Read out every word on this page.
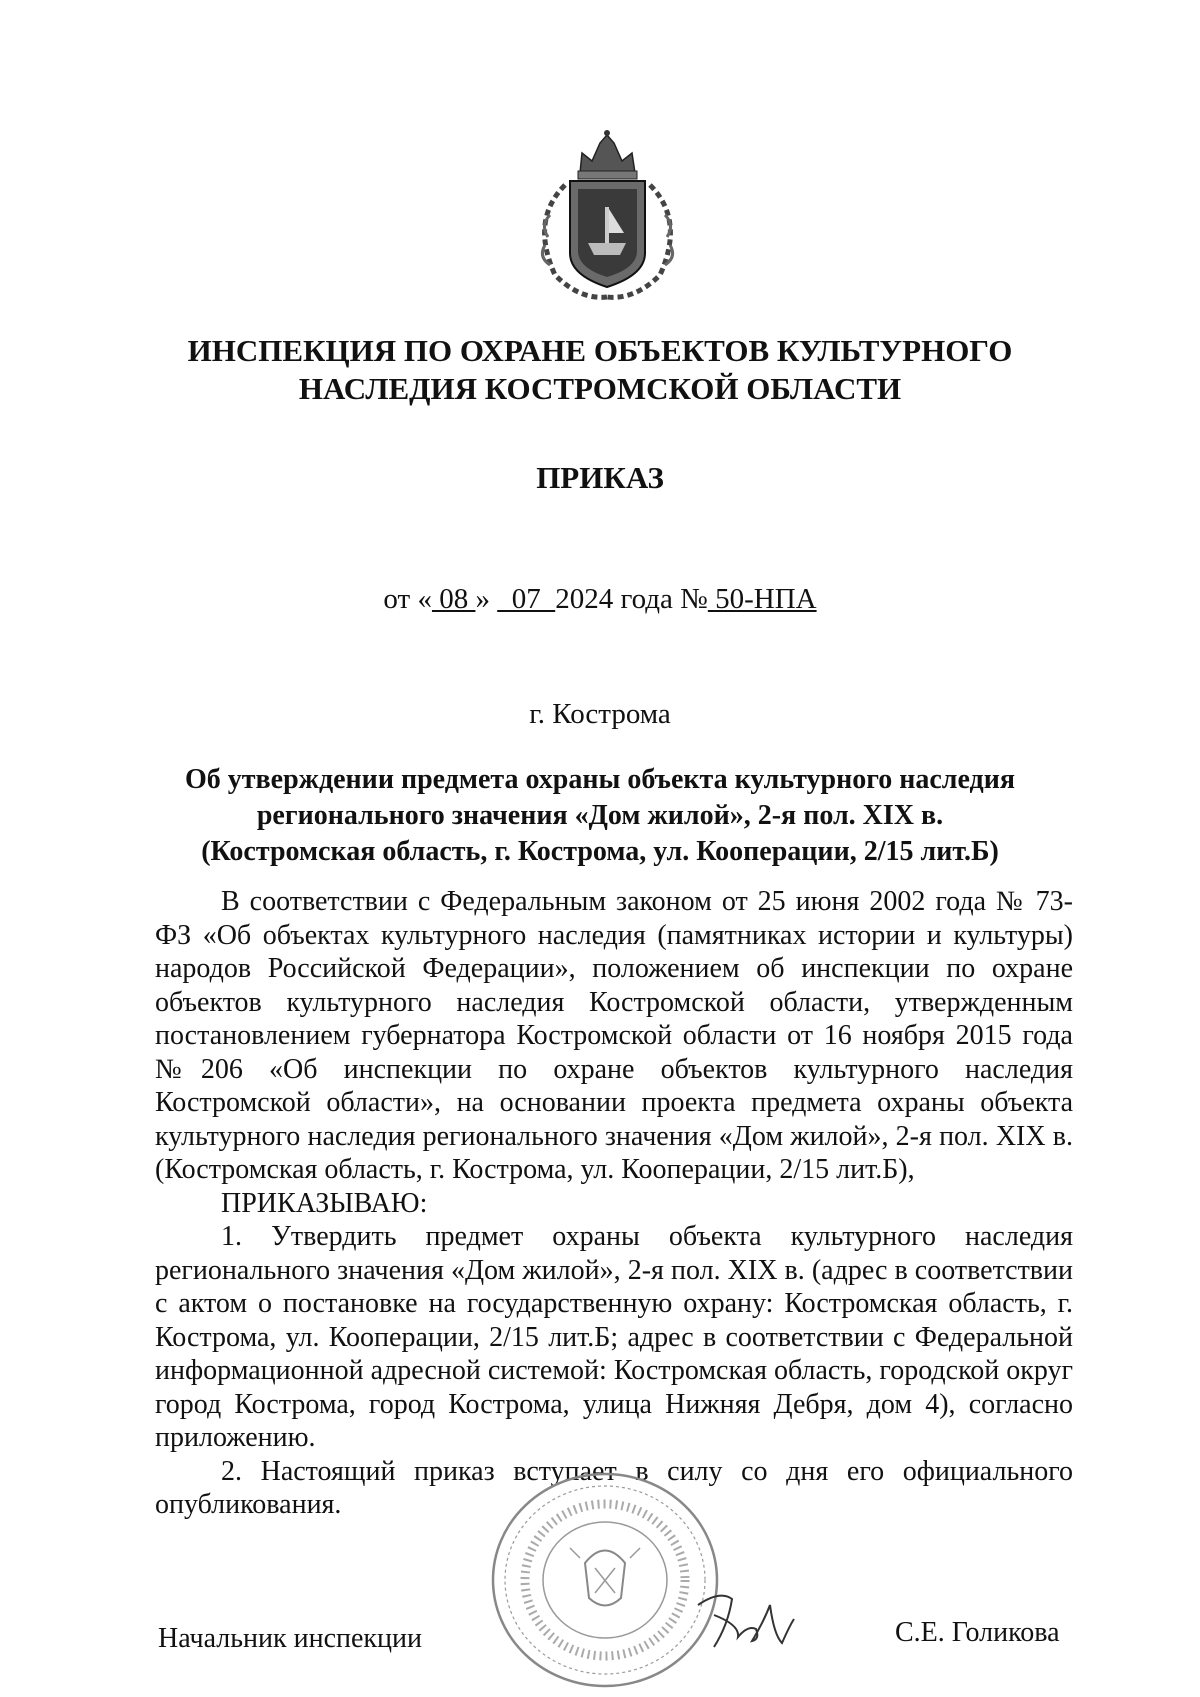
ИНСПЕКЦИЯ ПО ОХРАНЕ ОБЪЕКТОВ КУЛЬТУРНОГО
НАСЛЕДИЯ КОСТРОМСКОЙ ОБЛАСТИ
ПРИКАЗ
от « 08 »   07  2024 года № 50-НПА
г. Кострома
Об утверждении предмета охраны объекта культурного наследия
регионального значения «Дом жилой», 2-я пол. XIX в.
(Костромская область, г. Кострома, ул. Кооперации, 2/15 лит.Б)

В соответствии с Федеральным законом от 25 июня 2002 года № 73-ФЗ «Об объектах культурного наследия (памятниках истории и культуры) народов Российской Федерации», положением об инспекции по охране объектов культурного наследия Костромской области, утвержденным постановлением губернатора Костромской области от 16 ноября 2015 года №206 «Об инспекции по охране объектов культурного наследия Костромской области», на основании проекта предмета охраны объекта культурного наследия регионального значения «Дом жилой», 2-я пол. XIX в. (Костромская область, г. Кострома, ул. Кооперации, 2/15 лит.Б),

ПРИКАЗЫВАЮ:

1. Утвердить предмет охраны объекта культурного наследия регионального значения «Дом жилой», 2-я пол. XIX в. (адрес в соответствии с актом о постановке на государственную охрану: Костромская область, г. Кострома, ул. Кооперации, 2/15 лит.Б; адрес в соответствии с Федеральной информационной адресной системой: Костромская область, городской округ город Кострома, город Кострома, улица Нижняя Дебря, дом 4), согласно приложению.

2. Настоящий приказ вступает в силу со дня его официального опубликования.

Начальник инспекции	С.Е. Голикова
